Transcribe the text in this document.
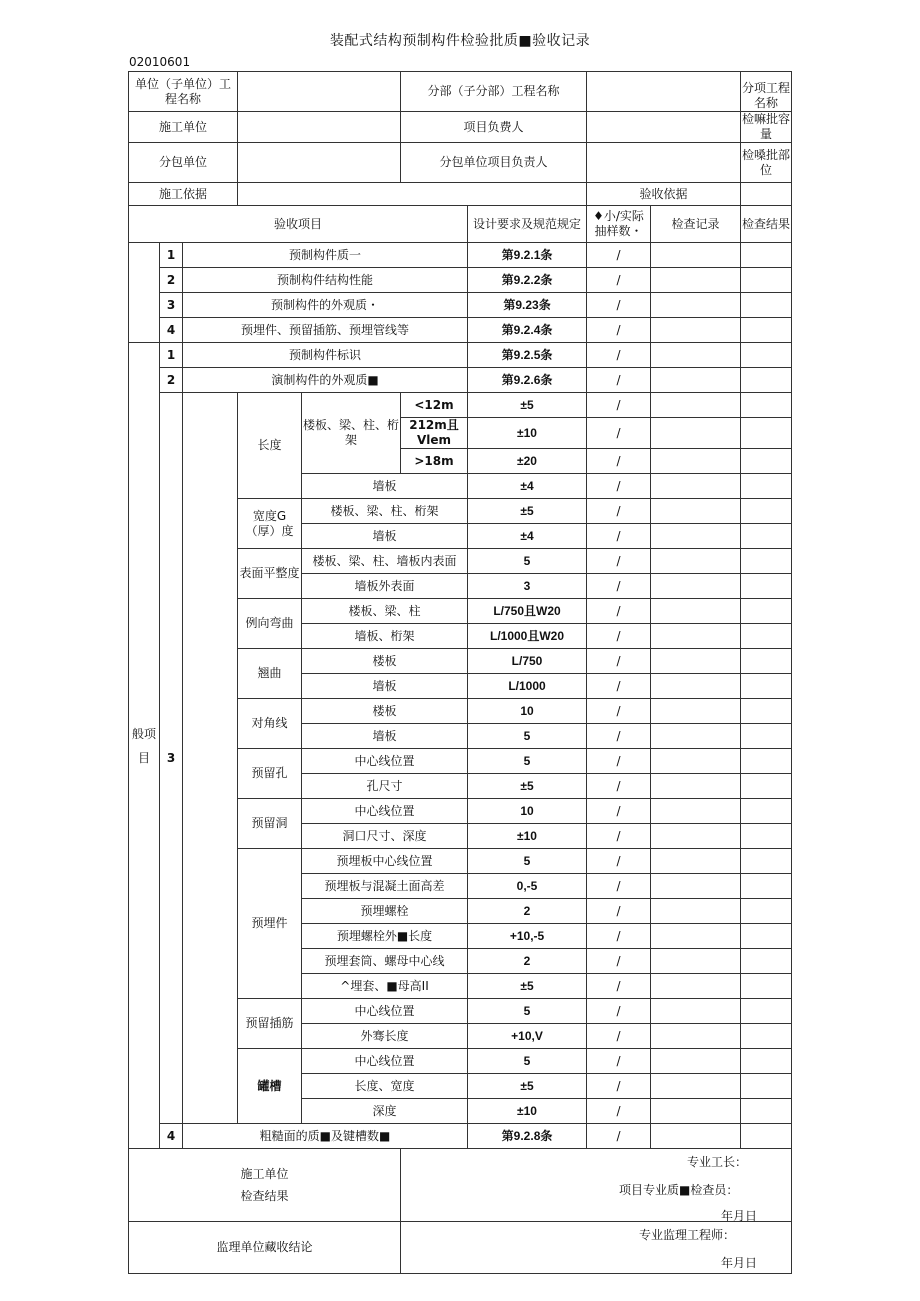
装配式结构预制构件检验批质■验收记录
02010601
单位（子单位）工程名称					分部（子分部）工程名称				分项工程名称	
施工单位					项目负费人				检嘛批容量	
分包单位					分包单位项目负责人				检嗓批部位	
施工依据							验收依据			
验收项目						设计要求及规范规定	♦小/实际抽样数・	检查记录	检查结果	
	1	预制构件质一				第9.2.1条	/			
	2	预制构件结构性能				第9.2.2条	/			
	3	预制构件的外观质・				第9.23条	/			
	4	预埋件、预留插筋、预埋管线等				第9.2.4条	/			
般项目	1	预制构件标识				第9.2.5条	/			
	2	演制构件的外观质■				第9.2.6条	/			
	3		长度	楼板、梁、柱、桁架	<12m	±5	/			
					212m且Vlem	±10	/			
					>18m	±20	/			
				墙板		±4	/			
			宽度G（厚）度	楼板、梁、柱、桁架		±5	/			
				墙板		±4	/			
			表面平整度	楼板、梁、柱、墙板内表面		5	/			
				墙板外表面		3	/			
			例向弯曲	楼板、梁、柱		L/750且W20	/			
				墙板、桁架		L/1000且W20	/			
			翘曲	楼板		L/750	/			
				墙板		L/1000	/			
			对角线	楼板		10	/			
				墙板		5	/			
			预留孔	中心线位置		5	/			
				孔尺寸		±5	/			
			预留洞	中心线位置		10	/			
				洞口尺寸、深度		±10	/			
			预埋件	预埋板中心线位置		5	/			
				预埋板与混凝土面高差		0,-5	/			
				预埋螺栓		2	/			
				预埋螺栓外■长度		+10,-5	/			
				预埋套筒、螺母中心线		2	/			
				^埋套、■母高II		±5	/			
			预留插筋	中心线位置		5	/			
				外骞长度		+10,V	/			
			罐槽	中心线位置		5	/			
				长度、宽度		±5	/			
				深度		±10	/			
	4	粗糙面的质■及键槽数■				第9.2.8条	/			
施工单位检查结果					专业工长：
项目专业质■检查员：
年月日					

监理单位藏收结论					专业监理工程师：
年月日					
